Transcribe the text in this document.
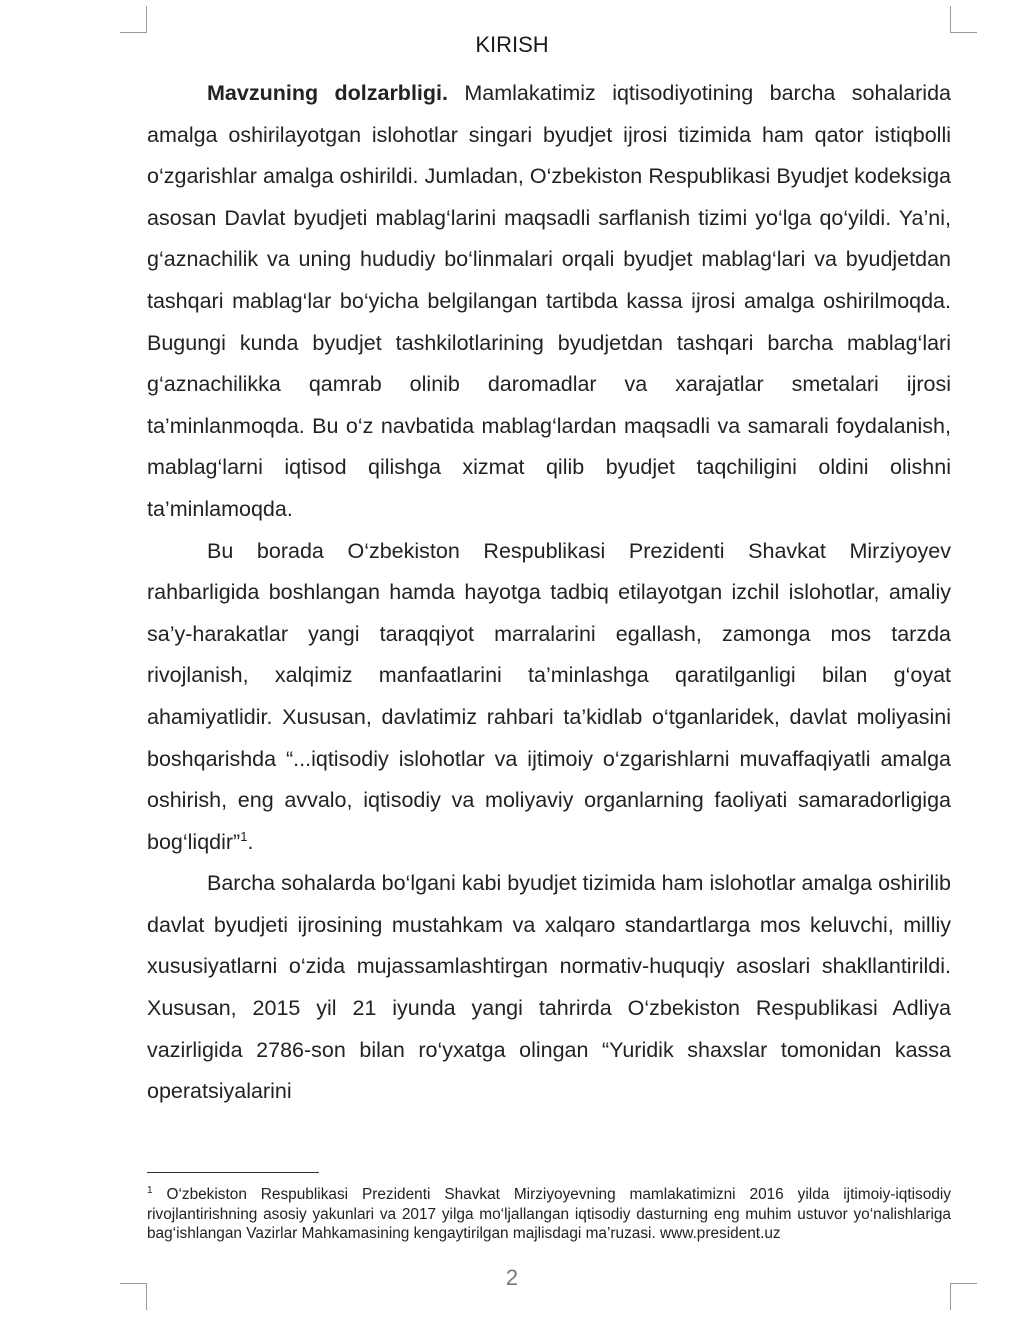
KIRISH

Mavzuning dolzarbligi. Mamlakatimiz iqtisodiyotining barcha sohalarida amalga oshirilayotgan islohotlar singari byudjet ijrosi tizimida ham qator istiqbolli o‘zgarishlar amalga oshirildi. Jumladan, O‘zbekiston Respublikasi Byudjet kodeksiga asosan Davlat byudjeti mablag‘larini maqsadli sarflanish tizimi yo‘lga qo‘yildi. Ya’ni, g‘aznachilik va uning hududiy bo‘linmalari orqali byudjet mablag‘lari va byudjetdan tashqari mablag‘lar bo‘yicha belgilangan tartibda kassa ijrosi amalga oshirilmoqda. Bugungi kunda byudjet tashkilotlarining byudjetdan tashqari barcha mablag‘lari g‘aznachilikka qamrab olinib daromadlar va xarajatlar smetalari ijrosi ta’minlanmoqda. Bu o‘z navbatida mablag‘lardan maqsadli va samarali foydalanish, mablag‘larni iqtisod qilishga xizmat qilib byudjet taqchiligini oldini olishni ta’minlamoqda.

Bu borada O‘zbekiston Respublikasi Prezidenti Shavkat Mirziyoyev rahbarligida boshlangan hamda hayotga tadbiq etilayotgan izchil islohotlar, amaliy sa’y-harakatlar yangi taraqqiyot marralarini egallash, zamonga mos tarzda rivojlanish, xalqimiz manfaatlarini ta’minlashga qaratilganligi bilan g‘oyat ahamiyatlidir. Xususan, davlatimiz rahbari ta’kidlab o‘tganlaridek, davlat moliyasini boshqarishda “...iqtisodiy islohotlar va ijtimoiy o‘zgarishlarni muvaffaqiyatli amalga oshirish, eng avvalo, iqtisodiy va moliyaviy organlarning faoliyati samaradorligiga bog‘liqdir”$^1$.

Barcha sohalarda bo‘lgani kabi byudjet tizimida ham islohotlar amalga oshirilib davlat byudjeti ijrosining mustahkam va xalqaro standartlarga mos keluvchi, milliy xususiyatlarni o‘zida mujassamlashtirgan normativ-huquqiy asoslari shakllantirildi. Xususan, 2015 yil 21 iyunda yangi tahrirda O‘zbekiston Respublikasi Adliya vazirligida 2786-son bilan ro‘yxatga olingan “Yuridik shaxslar tomonidan kassa operatsiyalarini

$^1$ O‘zbekiston Respublikasi Prezidenti Shavkat Mirziyoyevning mamlakatimizni 2016 yilda ijtimoiy-iqtisodiy rivojlantirishning asosiy yakunlari va 2017 yilga mo‘ljallangan iqtisodiy dasturning eng muhim ustuvor yo‘nalishlariga bag‘ishlangan Vazirlar Mahkamasining kengaytirilgan majlisdagi ma’ruzasi. www.president.uz

2
